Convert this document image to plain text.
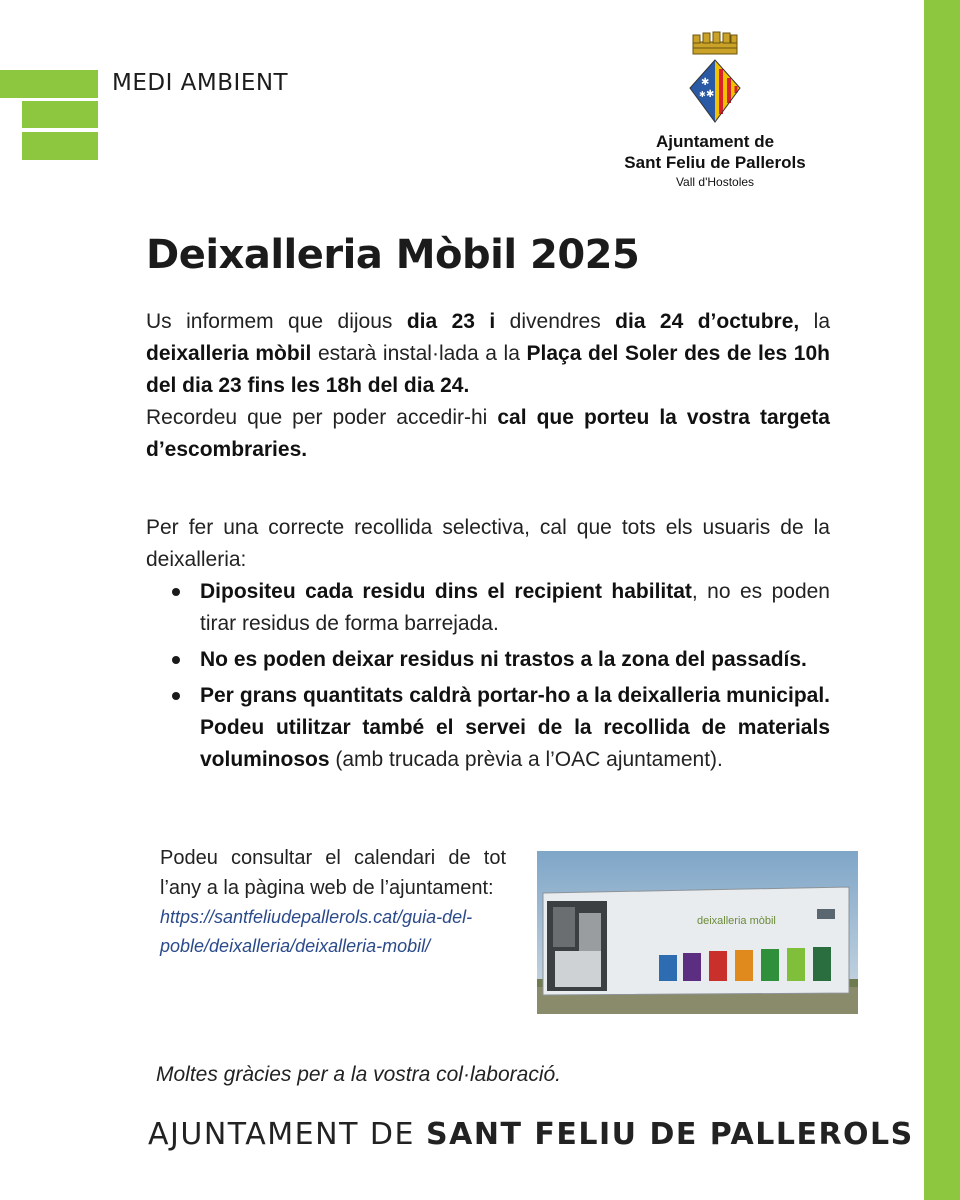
MEDI AMBIENT	✱
✱
✱
Ajuntament de
Sant Feliu de Pallerols
Vall d'Hostoles
Deixalleria Mòbil 2025

Us informem que dijous dia 23 i divendres dia 24 d’octubre, la deixalleria mòbil estarà instal·lada a la Plaça del Soler des de les 10h del dia 23 fins les 18h del dia 24.

Recordeu que per poder accedir-hi cal que porteu la vostra targeta d’escombraries.

Per fer una correcte recollida selectiva, cal que tots els usuaris de la deixalleria:

Dipositeu cada residu dins el recipient habilitat, no es poden tirar residus de forma barrejada.
No es poden deixar residus ni trastos a la zona del passadís.
Per grans quantitats caldrà portar-ho a la deixalleria municipal. Podeu utilitzar també el servei de la recollida de materials voluminosos (amb trucada prèvia a l’OAC ajuntament).

Podeu consultar el calendari de tot l’any a la pàgina web de l’ajuntament:

https://santfeliudepallerols.cat/guia-del-poble/deixalleria/deixalleria-mobil/

deixalleria mòbil
Moltes gràcies per a la vostra col·laboració.
AJUNTAMENT DE SANT FELIU DE PALLEROLS
